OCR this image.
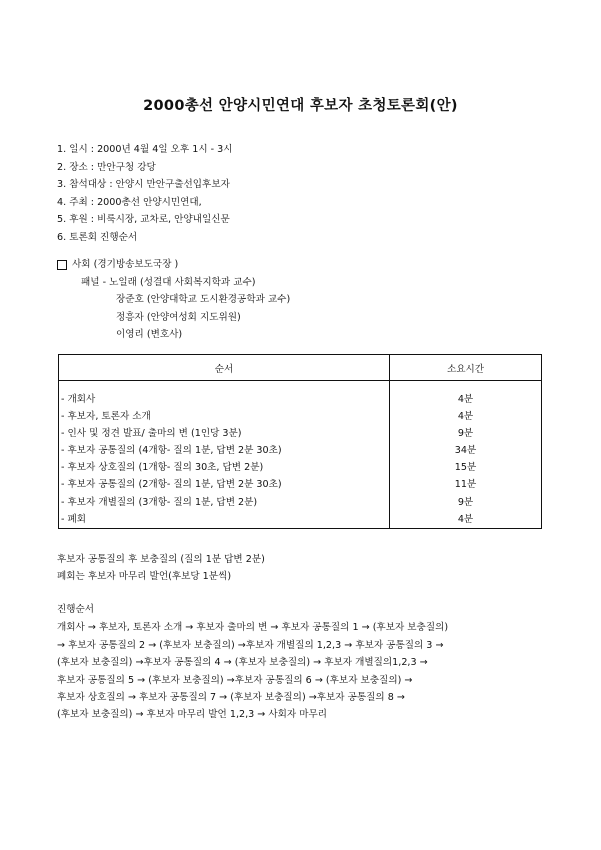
2000총선 안양시민연대 후보자 초청토론회(안)
1. 일시 : 2000년 4월 4일 오후 1시 - 3시
2. 장소 : 만안구청 강당
3. 참석대상 : 안양시 만안구출선입후보자
4. 주최 : 2000총선 안양시민연대,
5. 후원 : 비룩시장, 교차로, 안양내일신문
6. 토론회 진행순서
사회 (경기방송보도국장 )
패널 - 노일래 (성결대 사회복지학과 교수)
장준호 (안양대학교 도시환경공학과 교수)
정흥자 (안양여성회 지도위원)
이영리 (변호사)
순서	소요시간
- 개회사	4분
- 후보자, 토론자 소개	4분
- 인사 및 정견 발표/ 출마의 변 (1인당 3분)	9분
- 후보자 공통질의 (4개항- 질의 1분, 답변 2분 30초)	34분
- 후보자 상호질의 (1개항- 질의 30초, 답변 2분)	15분
- 후보자 공통질의 (2개항- 질의 1분, 답변 2분 30초)	11분
- 후보자 개별질의 (3개항- 질의 1분, 답변 2분)	9분
- 폐회	4분
후보자 공통질의 후 보충질의 (질의 1분 답변 2분)
폐회는 후보자 마무리 발언(후보당 1분씩)
진행순서
개회사 → 후보자, 토론자 소개 → 후보자 출마의 변 → 후보자 공통질의 1 → (후보자 보충질의)
→ 후보자 공통질의 2 → (후보자 보충질의) →후보자 개별질의 1,2,3 → 후보자 공통질의 3 →
(후보자 보충질의) →후보자 공통질의 4 → (후보자 보충질의) → 후보자 개별질의1,2,3 →
후보자 공통질의 5 → (후보자 보충질의) →후보자 공통질의 6 → (후보자 보충질의) →
후보자 상호질의 → 후보자 공통질의 7 → (후보자 보충질의) →후보자 공통질의 8 →
(후보자 보충질의) → 후보자 마무리 발언 1,2,3 → 사회자 마무리
